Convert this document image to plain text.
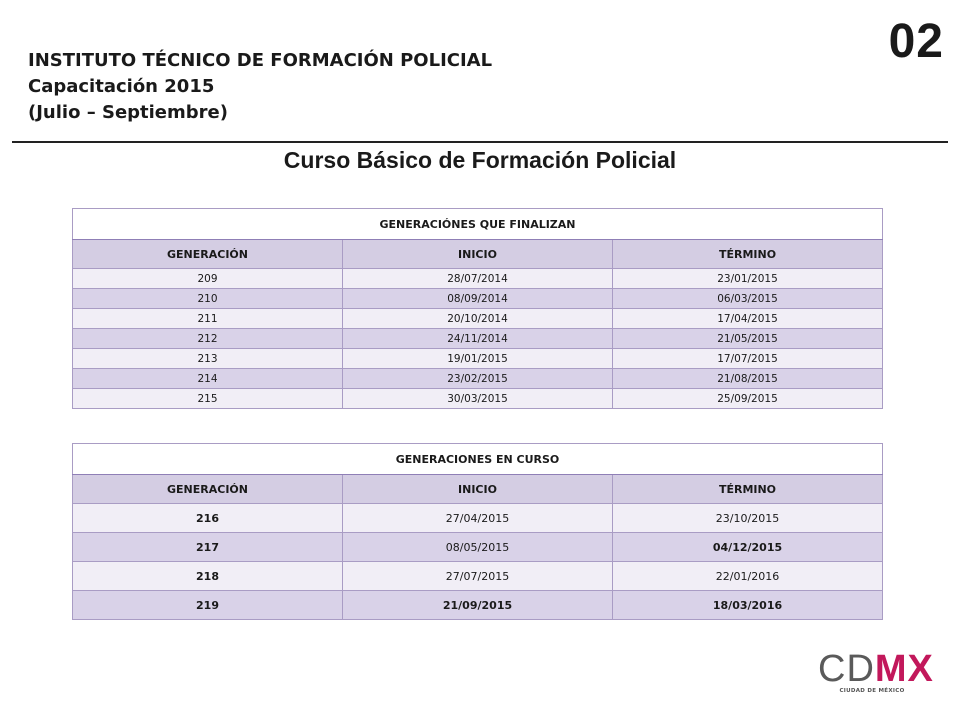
INSTITUTO TÉCNICO DE FORMACIÓN POLICIAL
Capacitación 2015
(Julio – Septiembre)
02
Curso Básico de Formación Policial
GENERACIÓNES QUE FINALIZAN		
GENERACIÓN	INICIO	TÉRMINO
209	28/07/2014	23/01/2015
210	08/09/2014	06/03/2015
211	20/10/2014	17/04/2015
212	24/11/2014	21/05/2015
213	19/01/2015	17/07/2015
214	23/02/2015	21/08/2015
215	30/03/2015	25/09/2015
GENERACIONES EN CURSO		
GENERACIÓN	INICIO	TÉRMINO
216	27/04/2015	23/10/2015
217	08/05/2015	04/12/2015
218	27/07/2015	22/01/2016
219	21/09/2015	18/03/2016
CDMX
CIUDAD DE MÉXICO
